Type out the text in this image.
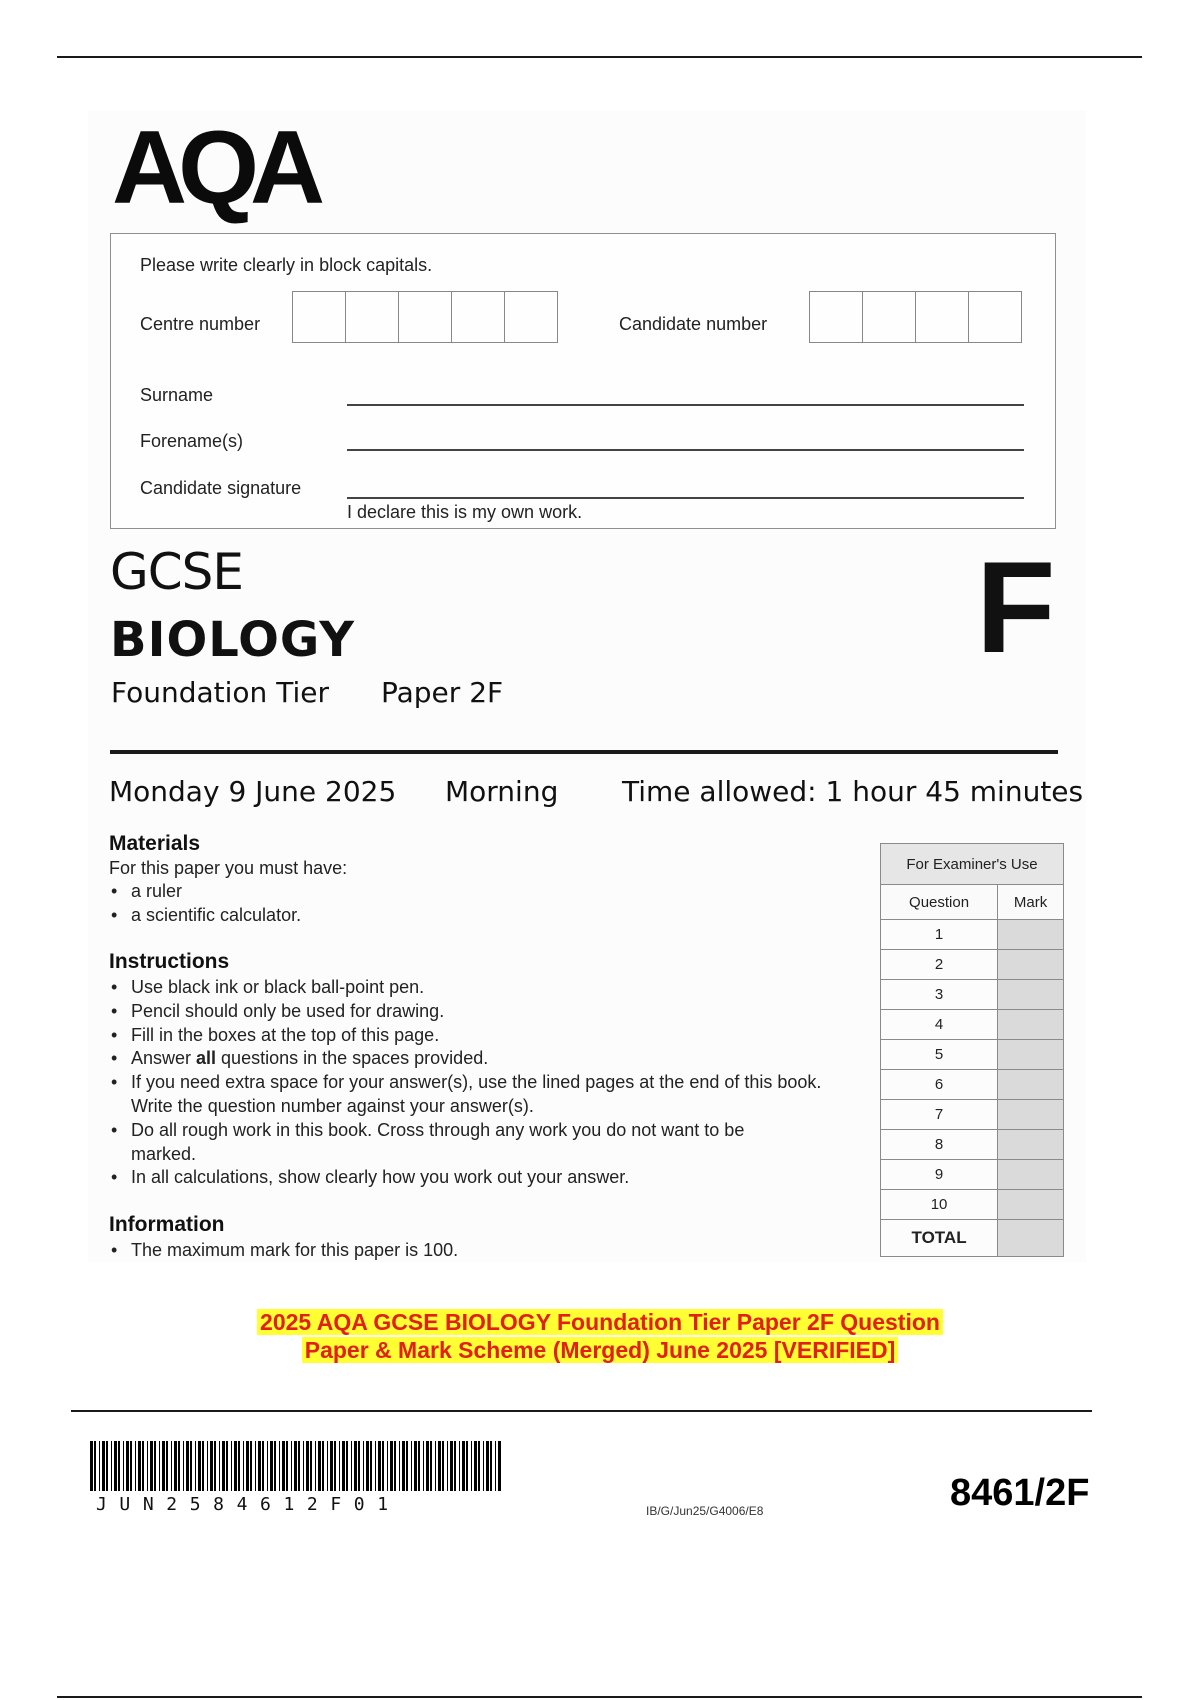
AQA
Please write clearly in block capitals.
Centre number	Candidate number
Surname
Forename(s)
Candidate signature
I declare this is my own work.
GCSE
BIOLOGY
Foundation Tier Paper 2F
F
Monday 9 June 2025 Morning Time allowed: 1 hour 45 minutes
Materials
For this paper you must have:
• a ruler
• a scientific calculator.
Instructions
• Use black ink or black ball-point pen.
• Pencil should only be used for drawing.
• Fill in the boxes at the top of this page.
• Answer all questions in the spaces provided.
• If you need extra space for your answer(s), use the lined pages at the end of this book. Write the question number against your answer(s).
• Do all rough work in this book. Cross through any work you do not want to be marked.
• In all calculations, show clearly how you work out your answer.
Information
• The maximum mark for this paper is 100.
For Examiner's Use	
Question	Mark
1	
2	
3	
4	
5	
6	
7	
8	
9	
10	
TOTAL	
2025 AQA GCSE BIOLOGY Foundation Tier Paper 2F Question
Paper & Mark Scheme (Merged) June 2025 [VERIFIED]
JUN2584612F01	IB/G/Jun25/G4006/E8	8461/2F
